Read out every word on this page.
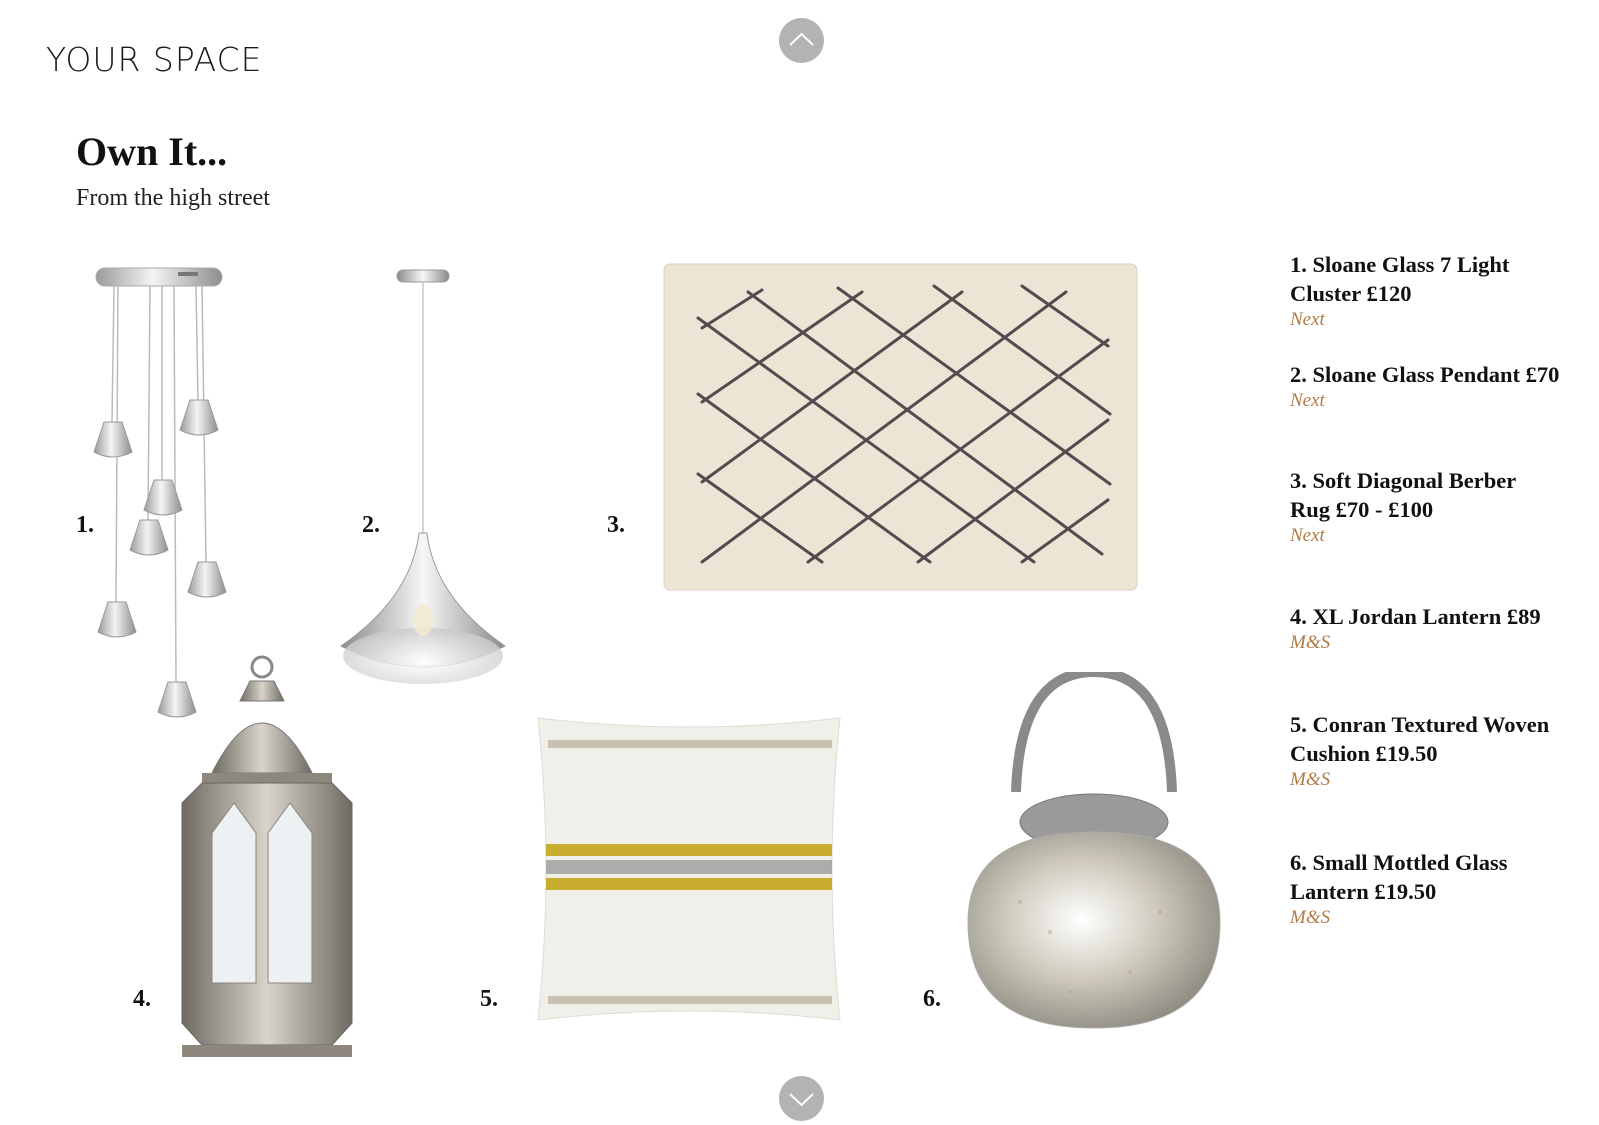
YOUR SPACE
Own It...

From the high street

1.	2.	3.
4.	5.	6.
1. Sloane Glass 7 Light Cluster £120
Next
2. Sloane Glass Pendant £70
Next
3. Soft Diagonal Berber Rug £70 - £100
Next
4. XL Jordan Lantern £89
M&S
5. Conran Textured Woven Cushion £19.50
M&S
6. Small Mottled Glass Lantern £19.50
M&S
